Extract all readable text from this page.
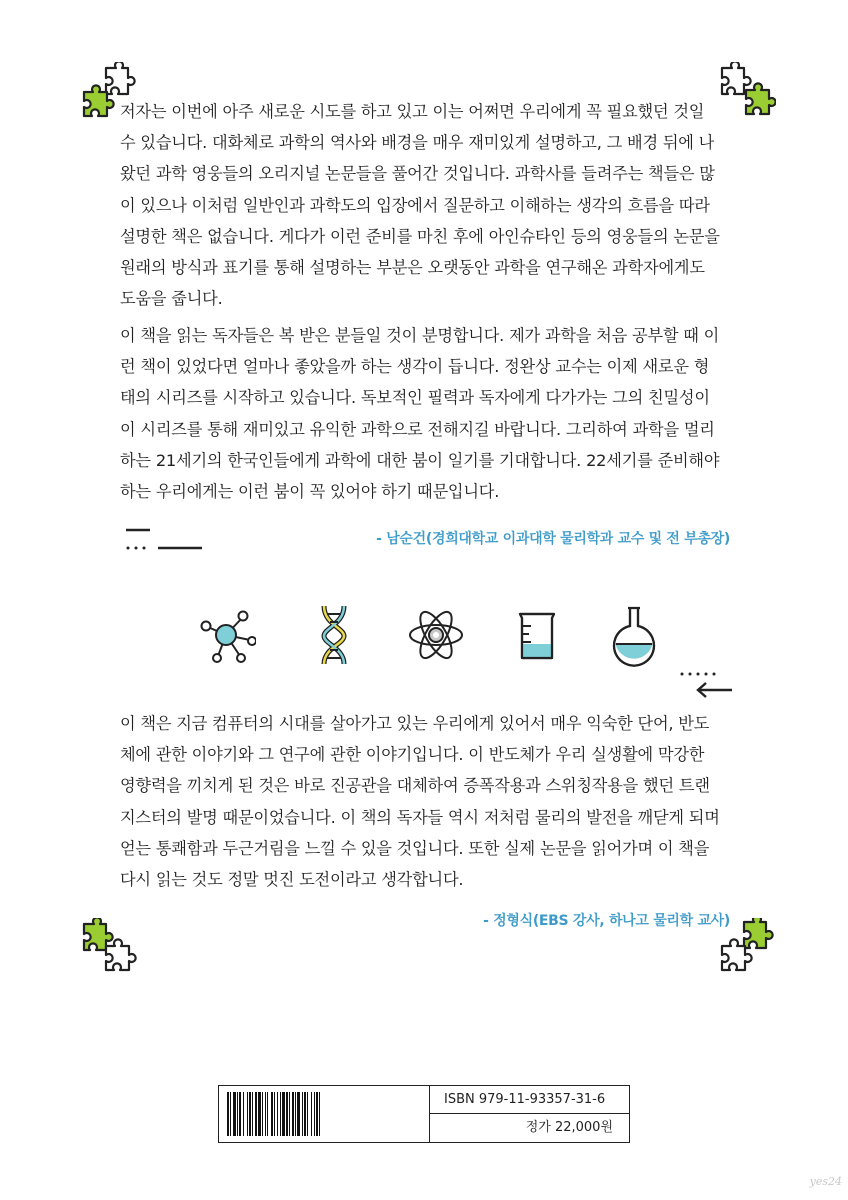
저자는 이번에 아주 새로운 시도를 하고 있고 이는 어쩌면 우리에게 꼭 필요했던 것일
수 있습니다. 대화체로 과학의 역사와 배경을 매우 재미있게 설명하고, 그 배경 뒤에 나
왔던 과학 영웅들의 오리지널 논문들을 풀어간 것입니다. 과학사를 들려주는 책들은 많
이 있으나 이처럼 일반인과 과학도의 입장에서 질문하고 이해하는 생각의 흐름을 따라
설명한 책은 없습니다. 게다가 이런 준비를 마친 후에 아인슈타인 등의 영웅들의 논문을
원래의 방식과 표기를 통해 설명하는 부분은 오랫동안 과학을 연구해온 과학자에게도
도움을 줍니다.

이 책을 읽는 독자들은 복 받은 분들일 것이 분명합니다. 제가 과학을 처음 공부할 때 이
런 책이 있었다면 얼마나 좋았을까 하는 생각이 듭니다. 정완상 교수는 이제 새로운 형
태의 시리즈를 시작하고 있습니다. 독보적인 필력과 독자에게 다가가는 그의 친밀성이
이 시리즈를 통해 재미있고 유익한 과학으로 전해지길 바랍니다. 그리하여 과학을 멀리
하는 21세기의 한국인들에게 과학에 대한 붐이 일기를 기대합니다. 22세기를 준비해야
하는 우리에게는 이런 붐이 꼭 있어야 하기 때문입니다.

- 남순건(경희대학교 이과대학 물리학과 교수 및 전 부총장)

이 책은 지금 컴퓨터의 시대를 살아가고 있는 우리에게 있어서 매우 익숙한 단어, 반도
체에 관한 이야기와 그 연구에 관한 이야기입니다. 이 반도체가 우리 실생활에 막강한
영향력을 끼치게 된 것은 바로 진공관을 대체하여 증폭작용과 스위칭작용을 했던 트랜
지스터의 발명 때문이었습니다. 이 책의 독자들 역시 저처럼 물리의 발전을 깨닫게 되며
얻는 통쾌함과 두근거림을 느낄 수 있을 것입니다. 또한 실제 논문을 읽어가며 이 책을
다시 읽는 것도 정말 멋진 도전이라고 생각합니다.

- 정형식(EBS 강사, 하나고 물리학 교사)
ISBN 979-11-93357-31-6
정가 22,000원
yes24
